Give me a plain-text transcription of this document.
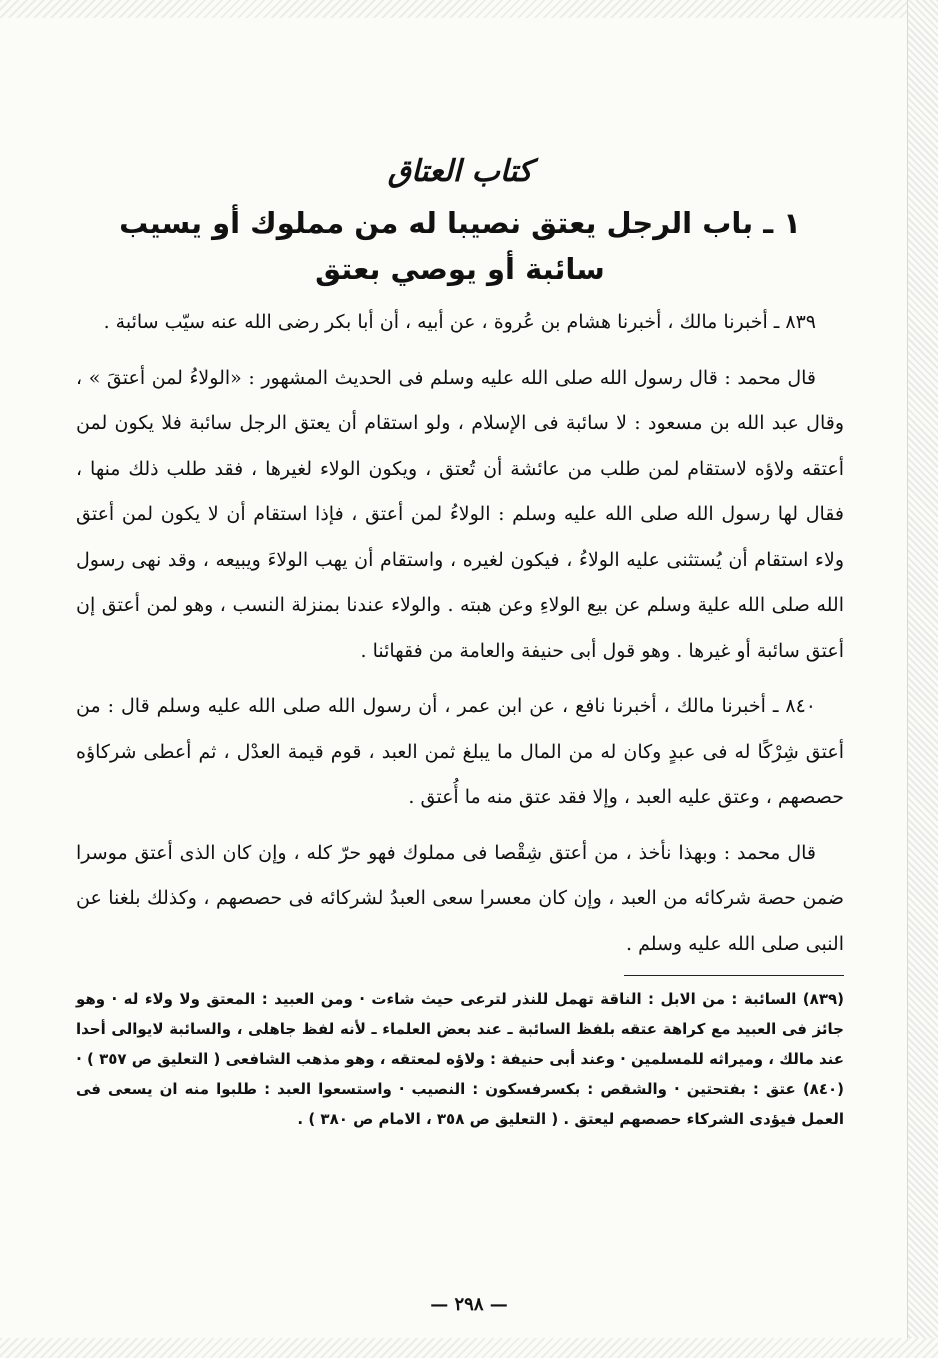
كتاب العتاق
١ ـ باب الرجل يعتق نصيبا له من مملوك أو يسيب
سائبة أو يوصي بعتق

٨٣٩ ـ أخبرنا مالك ، أخبرنا هشام بن عُروة ، عن أبيه ، أن أبا بكر رضى الله عنه سيّب سائبة .

قال محمد : قال رسول الله صلى الله عليه وسلم فى الحديث المشهور : «الولاءُ لمن أعتقَ » ، وقال عبد الله بن مسعود : لا سائبة فى الإسلام ، ولو استقام أن يعتق الرجل سائبة فلا يكون لمن أعتقه ولاؤه لاستقام لمن طلب من عائشة أن تُعتق ، ويكون الولاء لغيرها ، فقد طلب ذلك منها ، فقال لها رسول الله صلى الله عليه وسلم : الولاءُ لمن أعتق ، فإذا استقام أن لا يكون لمن أعتق ولاء استقام أن يُستثنى عليه الولاءُ ، فيكون لغيره ، واستقام أن يهب الولاءَ ويبيعه ، وقد نهى رسول الله صلى الله علية وسلم عن بيع الولاءِ وعن هبته . والولاء عندنا بمنزلة النسب ، وهو لمن أعتق إن أعتق سائبة أو غيرها . وهو قول أبى حنيفة والعامة من فقهائنا .

٨٤٠ ـ أخبرنا مالك ، أخبرنا نافع ، عن ابن عمر ، أن رسول الله صلى الله عليه وسلم قال : من أعتق شِرْكًا له فى عبدٍ وكان له من المال ما يبلغ ثمن العبد ، قوم قيمة العدْل ، ثم أعطى شركاؤه حصصهم ، وعتق عليه العبد ، وإلا فقد عتق منه ما أُعتق .

قال محمد : وبهذا نأخذ ، من أعتق شِقْصا فى مملوك فهو حرّ كله ، وإن كان الذى أعتق موسرا ضمن حصة شركائه من العبد ، وإن كان معسرا سعى العبدُ لشركائه فى حصصهم ، وكذلك بلغنا عن النبى صلى الله عليه وسلم .

(٨٣٩) السائبة : من الابل : الناقة تهمل للنذر لترعى حيث شاءت · ومن العبيد : المعتق ولا ولاء له · وهو جائز فى العبيد مع كراهة عتقه بلفظ السائبة ـ عند بعض العلماء ـ لأنه لفظ جاهلى ، والسائبة لايوالى أحدا عند مالك ، وميراثه للمسلمين · وعند أبى حنيفة : ولاؤه لمعتقه ، وهو مذهب الشافعى ( التعليق ص ٣٥٧ ) ·

(٨٤٠) عتق : بفتحتين · والشقص : بكسرفسكون : النصيب · واستسعوا العبد : طلبوا منه ان يسعى فى العمل فيؤدى الشركاء حصصهم ليعتق . ( التعليق ص ٣٥٨ ، الامام ص ٣٨٠ ) .

— ٢٩٨ —
